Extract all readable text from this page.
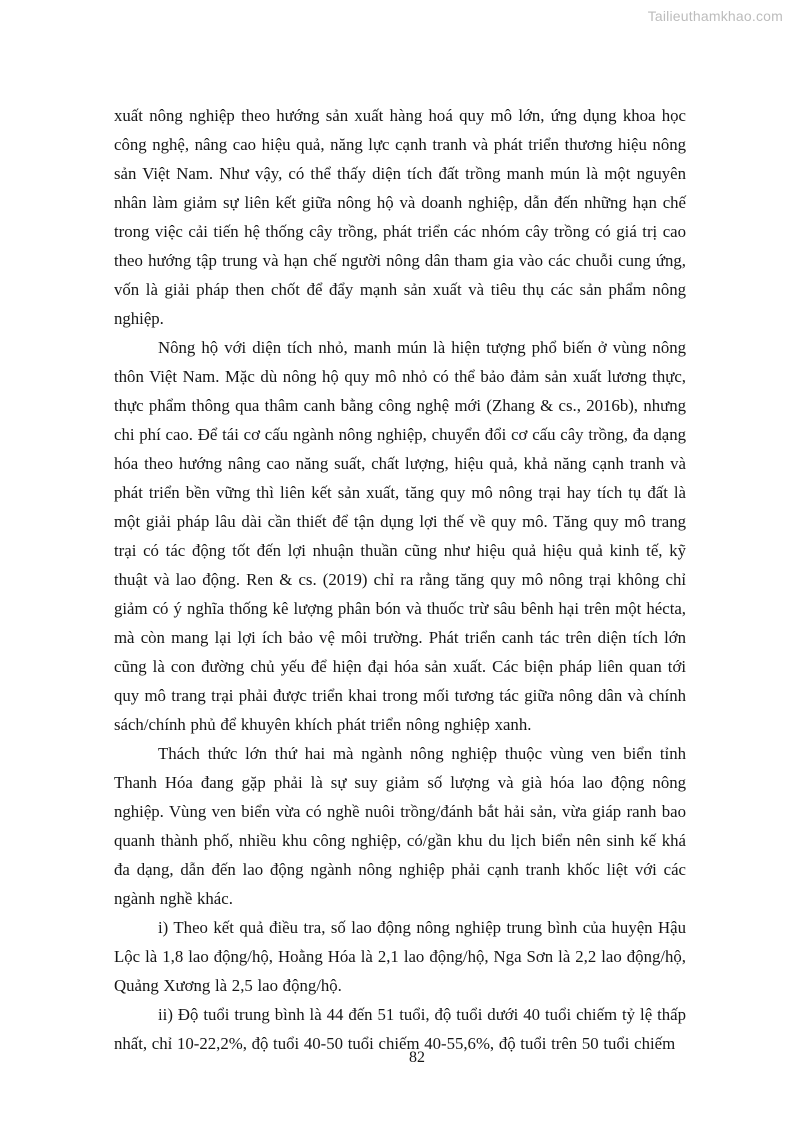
Tailieuthamkhao.com

xuất nông nghiệp theo hướng sản xuất hàng hoá quy mô lớn, ứng dụng khoa học công nghệ, nâng cao hiệu quả, năng lực cạnh tranh và phát triển thương hiệu nông sản Việt Nam. Như vậy, có thể thấy diện tích đất trồng manh mún là một nguyên nhân làm giảm sự liên kết giữa nông hộ và doanh nghiệp, dẫn đến những hạn chế trong việc cải tiến hệ thống cây trồng, phát triển các nhóm cây trồng có giá trị cao theo hướng tập trung và hạn chế người nông dân tham gia vào các chuỗi cung ứng, vốn là giải pháp then chốt để đẩy mạnh sản xuất và tiêu thụ các sản phẩm nông nghiệp.

Nông hộ với diện tích nhỏ, manh mún là hiện tượng phổ biến ở vùng nông thôn Việt Nam. Mặc dù nông hộ quy mô nhỏ có thể bảo đảm sản xuất lương thực, thực phẩm thông qua thâm canh bằng công nghệ mới (Zhang & cs., 2016b), nhưng chi phí cao. Để tái cơ cấu ngành nông nghiệp, chuyển đổi cơ cấu cây trồng, đa dạng hóa theo hướng nâng cao năng suất, chất lượng, hiệu quả, khả năng cạnh tranh và phát triển bền vững thì liên kết sản xuất, tăng quy mô nông trại hay tích tụ đất là một giải pháp lâu dài cần thiết để tận dụng lợi thế về quy mô. Tăng quy mô trang trại có tác động tốt đến lợi nhuận thuần cũng như hiệu quả hiệu quả kinh tế, kỹ thuật và lao động. Ren & cs. (2019) chỉ ra rằng tăng quy mô nông trại không chỉ giảm có ý nghĩa thống kê lượng phân bón và thuốc trừ sâu bênh hại trên một hécta, mà còn mang lại lợi ích bảo vệ môi trường. Phát triển canh tác trên diện tích lớn cũng là con đường chủ yếu để hiện đại hóa sản xuất. Các biện pháp liên quan tới quy mô trang trại phải được triển khai trong mối tương tác giữa nông dân và chính sách/chính phủ để khuyên khích phát triển nông nghiệp xanh.

Thách thức lớn thứ hai mà ngành nông nghiệp thuộc vùng ven biển tỉnh Thanh Hóa đang gặp phải là sự suy giảm số lượng và già hóa lao động nông nghiệp. Vùng ven biển vừa có nghề nuôi trồng/đánh bắt hải sản, vừa giáp ranh bao quanh thành phố, nhiều khu công nghiệp, có/gần khu du lịch biển nên sinh kế khá đa dạng, dẫn đến lao động ngành nông nghiệp phải cạnh tranh khốc liệt với các ngành nghề khác.

i) Theo kết quả điều tra, số lao động nông nghiệp trung bình của huyện Hậu Lộc là 1,8 lao động/hộ, Hoằng Hóa là 2,1 lao động/hộ, Nga Sơn là 2,2 lao động/hộ, Quảng Xương là 2,5 lao động/hộ.

ii) Độ tuổi trung bình là 44 đến 51 tuổi, độ tuổi dưới 40 tuổi chiếm tỷ lệ thấp nhất, chỉ 10-22,2%, độ tuổi 40-50 tuổi chiếm 40-55,6%, độ tuổi trên 50 tuổi chiếm

82
